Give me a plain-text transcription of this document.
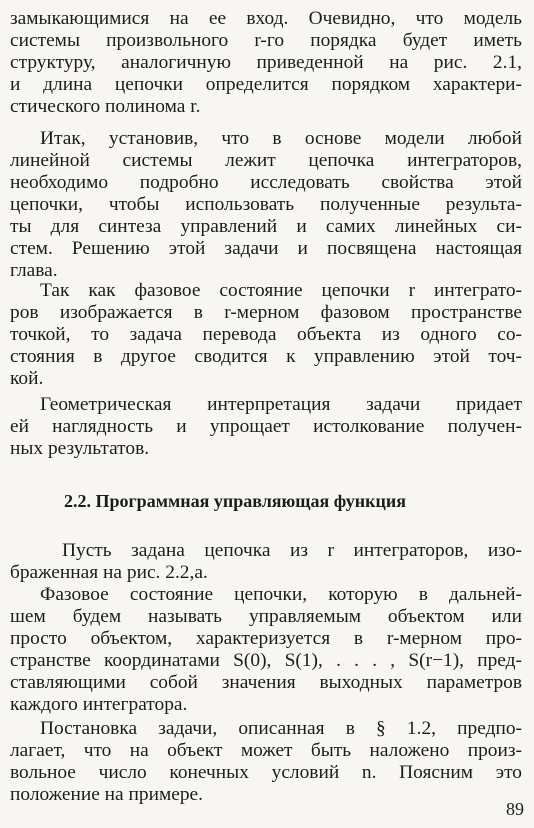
замыкающимися на ее вход. Очевидно, что модель
системы произвольного r-го порядка будет иметь
структуру, аналогичную приведенной на рис. 2.1,
и длина цепочки определится порядком характери-
стического полинома r.
Итак, установив, что в основе модели любой
линейной системы лежит цепочка интеграторов,
необходимо подробно исследовать свойства этой
цепочки, чтобы использовать полученные результа-
ты для синтеза управлений и самих линейных си-
стем. Решению этой задачи и посвящена настоящая
глава.
Так как фазовое состояние цепочки r интеграто-
ров изображается в r-мерном фазовом пространстве
точкой, то задача перевода объекта из одного со-
стояния в другое сводится к управлению этой точ-
кой.
Геометрическая интерпретация задачи придает
ей наглядность и упрощает истолкование получен-
ных результатов.
2.2. Программная управляющая функция
Пусть задана цепочка из r интеграторов, изо-
браженная на рис. 2.2,a.
Фазовое состояние цепочки, которую в дальней-
шем будем называть управляемым объектом или
просто объектом, характеризуется в r-мерном про-
странстве координатами S(0), S(1), . . . , S(r−1), пред-
ставляющими собой значения выходных параметров
каждого интегратора.
Постановка задачи, описанная в § 1.2, предпо-
лагает, что на объект может быть наложено произ-
вольное число конечных условий n. Поясним это
положение на примере.
89
